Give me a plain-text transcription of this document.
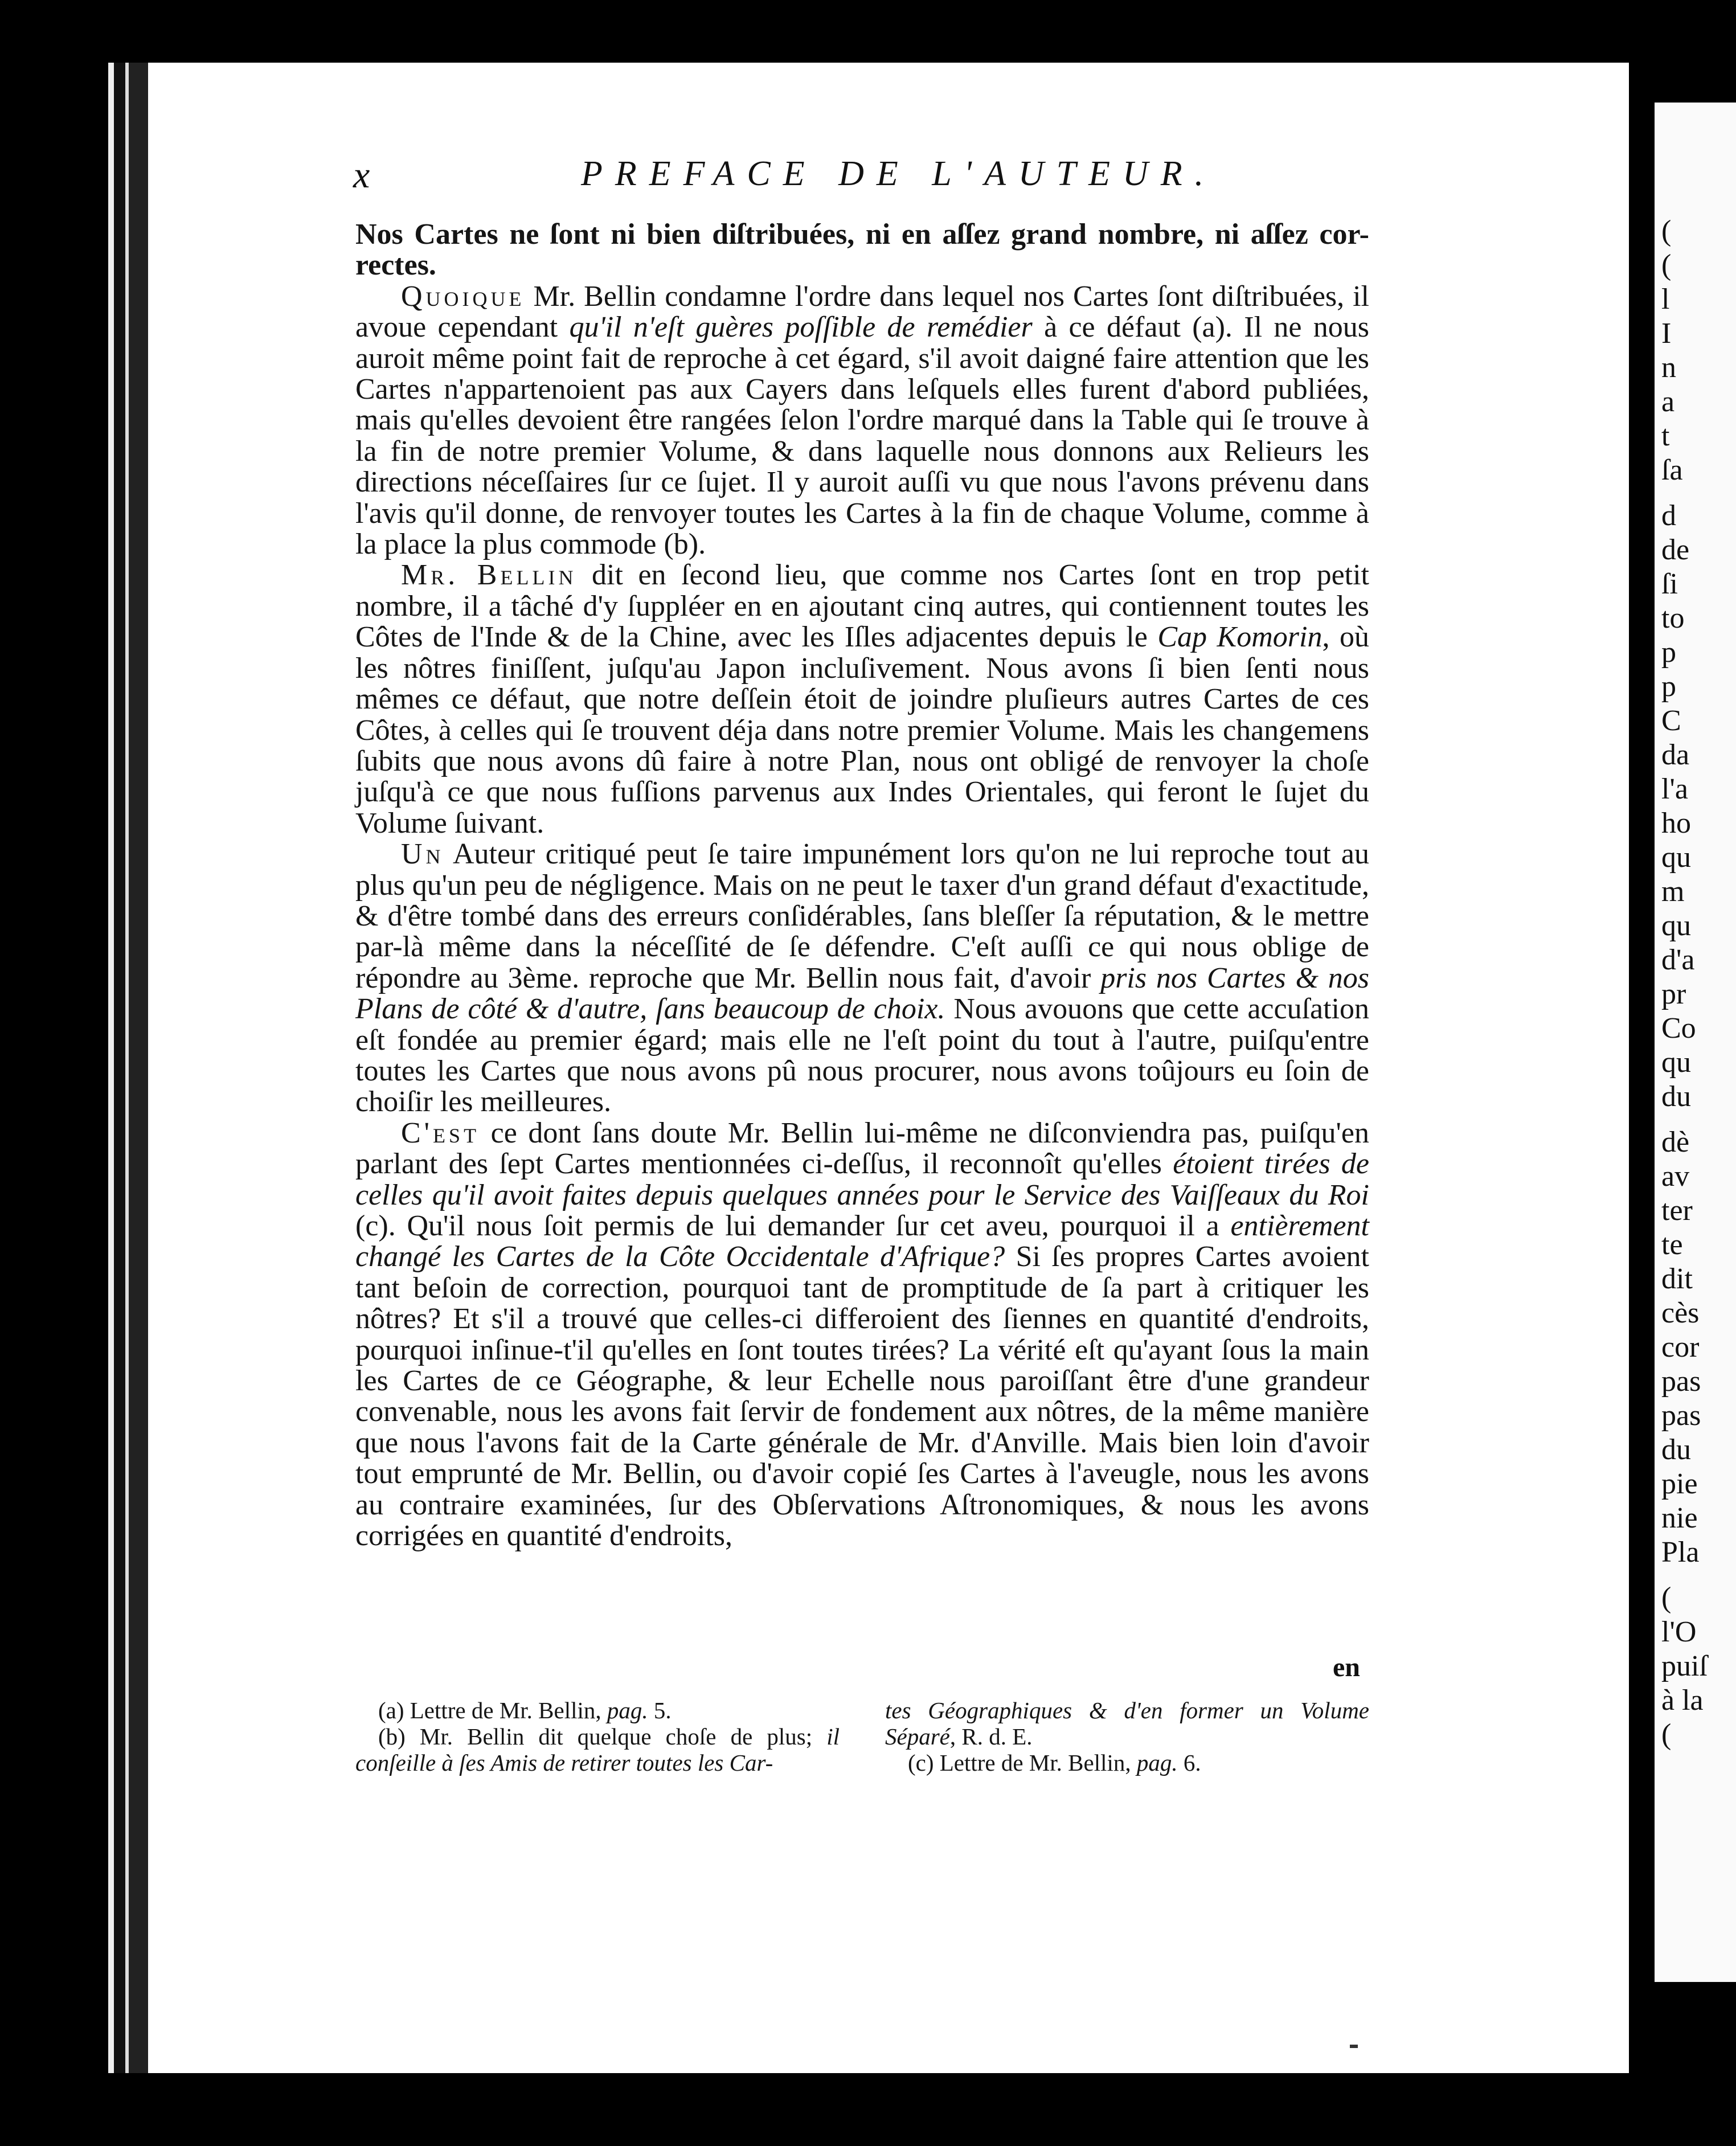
(
(
l
I
n
a
t
ſa
d
de
ſi
to
p
p
C
da
l'a
ho
qu
m
qu
d'a
pr
Co
qu
du
dè
av
ter
te
dit
cès
cor
pas
pas
du
pie
nie
Pla
(
l'O
puiſ
à la
(
x	PREFACE DE L'AUTEUR.

Nos Cartes ne ſont ni bien diſtribuées, ni en aſſez grand nombre, ni aſſez cor-rectes.

Quoique Mr. Bellin condamne l'ordre dans lequel nos Cartes ſont diſtribuées, il avoue cependant qu'il n'eſt guères poſſible de remédier à ce défaut (a). Il ne nous auroit même point fait de reproche à cet égard, s'il avoit daigné faire attention que les Cartes n'appartenoient pas aux Cayers dans leſquels elles furent d'abord publiées, mais qu'elles devoient être rangées ſelon l'ordre marqué dans la Table qui ſe trouve à la fin de notre premier Volume, & dans laquelle nous donnons aux Relieurs les directions néceſſaires ſur ce ſujet. Il y auroit auſſi vu que nous l'avons prévenu dans l'avis qu'il donne, de renvoyer toutes les Cartes à la fin de chaque Volume, comme à la place la plus commode (b).

Mr. Bellin dit en ſecond lieu, que comme nos Cartes ſont en trop petit nombre, il a tâché d'y ſuppléer en en ajoutant cinq autres, qui contiennent toutes les Côtes de l'Inde & de la Chine, avec les Iſles adjacentes depuis le Cap Komorin, où les nôtres finiſſent, juſqu'au Japon incluſivement. Nous avons ſi bien ſenti nous mêmes ce défaut, que notre deſſein étoit de joindre pluſieurs autres Cartes de ces Côtes, à celles qui ſe trouvent déja dans notre premier Volume. Mais les changemens ſubits que nous avons dû faire à notre Plan, nous ont obligé de renvoyer la choſe juſqu'à ce que nous fuſſions parvenus aux Indes Orientales, qui feront le ſujet du Volume ſuivant.

Un Auteur critiqué peut ſe taire impunément lors qu'on ne lui reproche tout au plus qu'un peu de négligence. Mais on ne peut le taxer d'un grand défaut d'exactitude, & d'être tombé dans des erreurs conſidérables, ſans bleſſer ſa réputation, & le mettre par-là même dans la néceſſité de ſe défendre. C'eſt auſſi ce qui nous oblige de répondre au 3ème. reproche que Mr. Bellin nous fait, d'avoir pris nos Cartes & nos Plans de côté & d'autre, ſans beaucoup de choix. Nous avouons que cette accuſation eſt fondée au premier égard; mais elle ne l'eſt point du tout à l'autre, puiſqu'entre toutes les Cartes que nous avons pû nous procurer, nous avons toûjours eu ſoin de choiſir les meilleures.

C'est ce dont ſans doute Mr. Bellin lui-même ne diſconviendra pas, puiſqu'en parlant des ſept Cartes mentionnées ci-deſſus, il reconnoît qu'elles étoient tirées de celles qu'il avoit faites depuis quelques années pour le Service des Vaiſſeaux du Roi (c). Qu'il nous ſoit permis de lui demander ſur cet aveu, pourquoi il a entièrement changé les Cartes de la Côte Occidentale d'Afrique? Si ſes propres Cartes avoient tant beſoin de correction, pourquoi tant de promptitude de ſa part à critiquer les nôtres? Et s'il a trouvé que celles-ci differoient des ſiennes en quantité d'endroits, pourquoi inſinue-t'il qu'elles en ſont toutes tirées? La vérité eſt qu'ayant ſous la main les Cartes de ce Géographe, & leur Echelle nous paroiſſant être d'une grandeur convenable, nous les avons fait ſervir de fondement aux nôtres, de la même manière que nous l'avons fait de la Carte générale de Mr. d'Anville. Mais bien loin d'avoir tout emprunté de Mr. Bellin, ou d'avoir copié ſes Cartes à l'aveugle, nous les avons au contraire examinées, ſur des Obſervations Aſtronomiques, & nous les avons corrigées en quantité d'endroits,

en

(a) Lettre de Mr. Bellin, pag. 5.

(b) Mr. Bellin dit quelque choſe de plus; il conſeille à ſes Amis de retirer toutes les Car-

tes Géographiques & d'en former un Volume Séparé, R. d. E.

(c) Lettre de Mr. Bellin, pag. 6.
